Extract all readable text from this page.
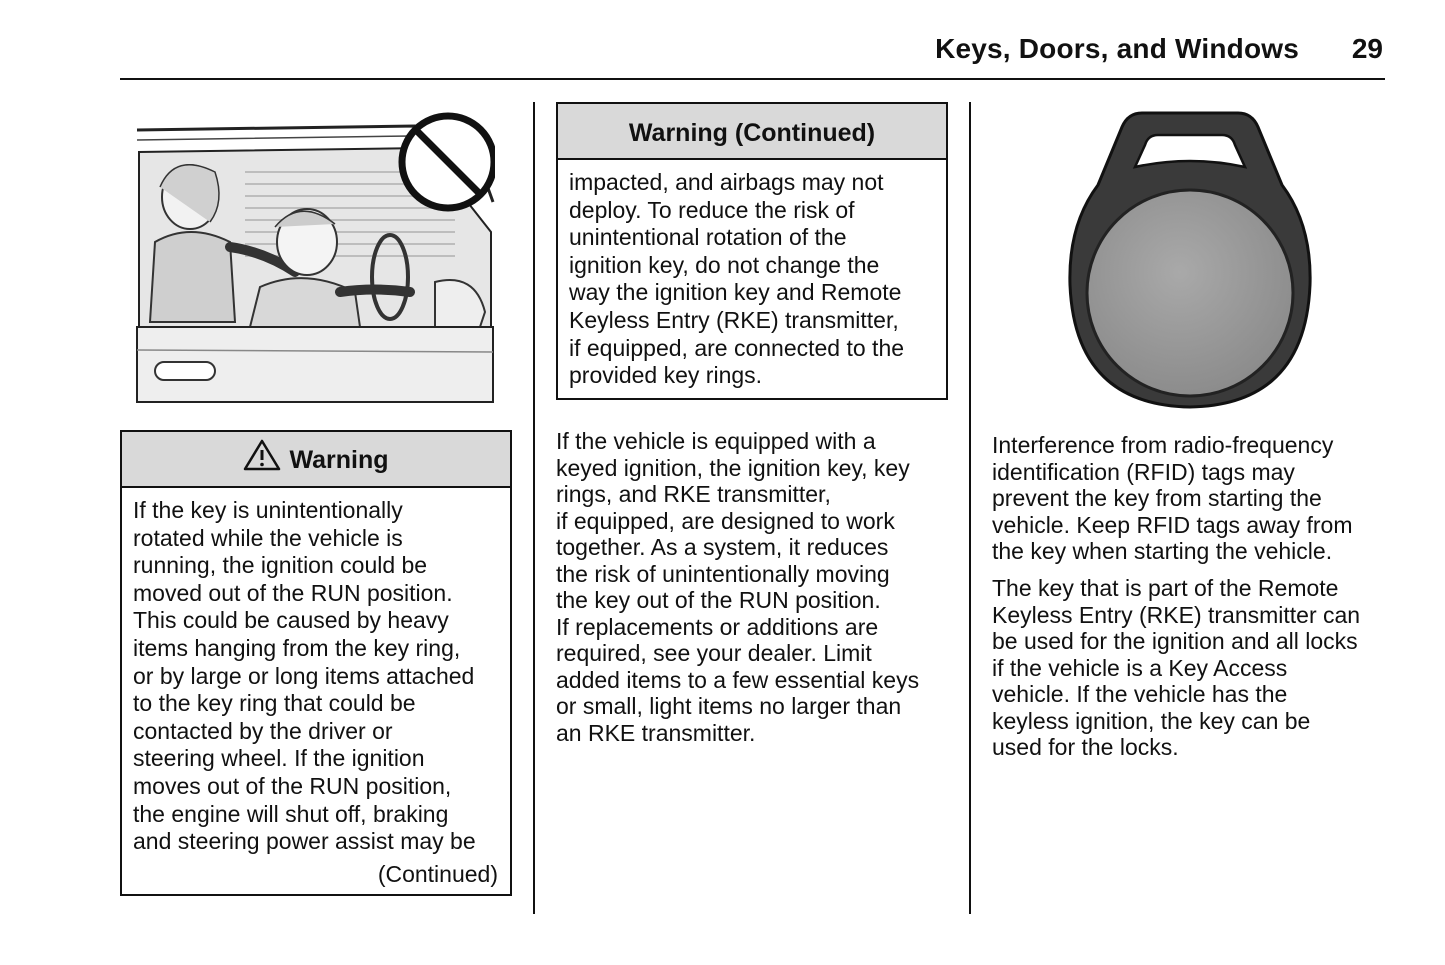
Keys, Doors, and Windows 29
Warning
If the key is unintentionally
rotated while the vehicle is
running, the ignition could be
moved out of the RUN position.
This could be caused by heavy
items hanging from the key ring,
or by large or long items attached
to the key ring that could be
contacted by the driver or
steering wheel. If the ignition
moves out of the RUN position,
the engine will shut off, braking
and steering power assist may be
(Continued)
Warning (Continued)
impacted, and airbags may not
deploy. To reduce the risk of
unintentional rotation of the
ignition key, do not change the
way the ignition key and Remote
Keyless Entry (RKE) transmitter,
if equipped, are connected to the
provided key rings.
If the vehicle is equipped with a
keyed ignition, the ignition key, key
rings, and RKE transmitter,
if equipped, are designed to work
together. As a system, it reduces
the risk of unintentionally moving
the key out of the RUN position.
If replacements or additions are
required, see your dealer. Limit
added items to a few essential keys
or small, light items no larger than
an RKE transmitter.
Interference from radio-frequency
identification (RFID) tags may
prevent the key from starting the
vehicle. Keep RFID tags away from
the key when starting the vehicle.
The key that is part of the Remote
Keyless Entry (RKE) transmitter can
be used for the ignition and all locks
if the vehicle is a Key Access
vehicle. If the vehicle has the
keyless ignition, the key can be
used for the locks.
